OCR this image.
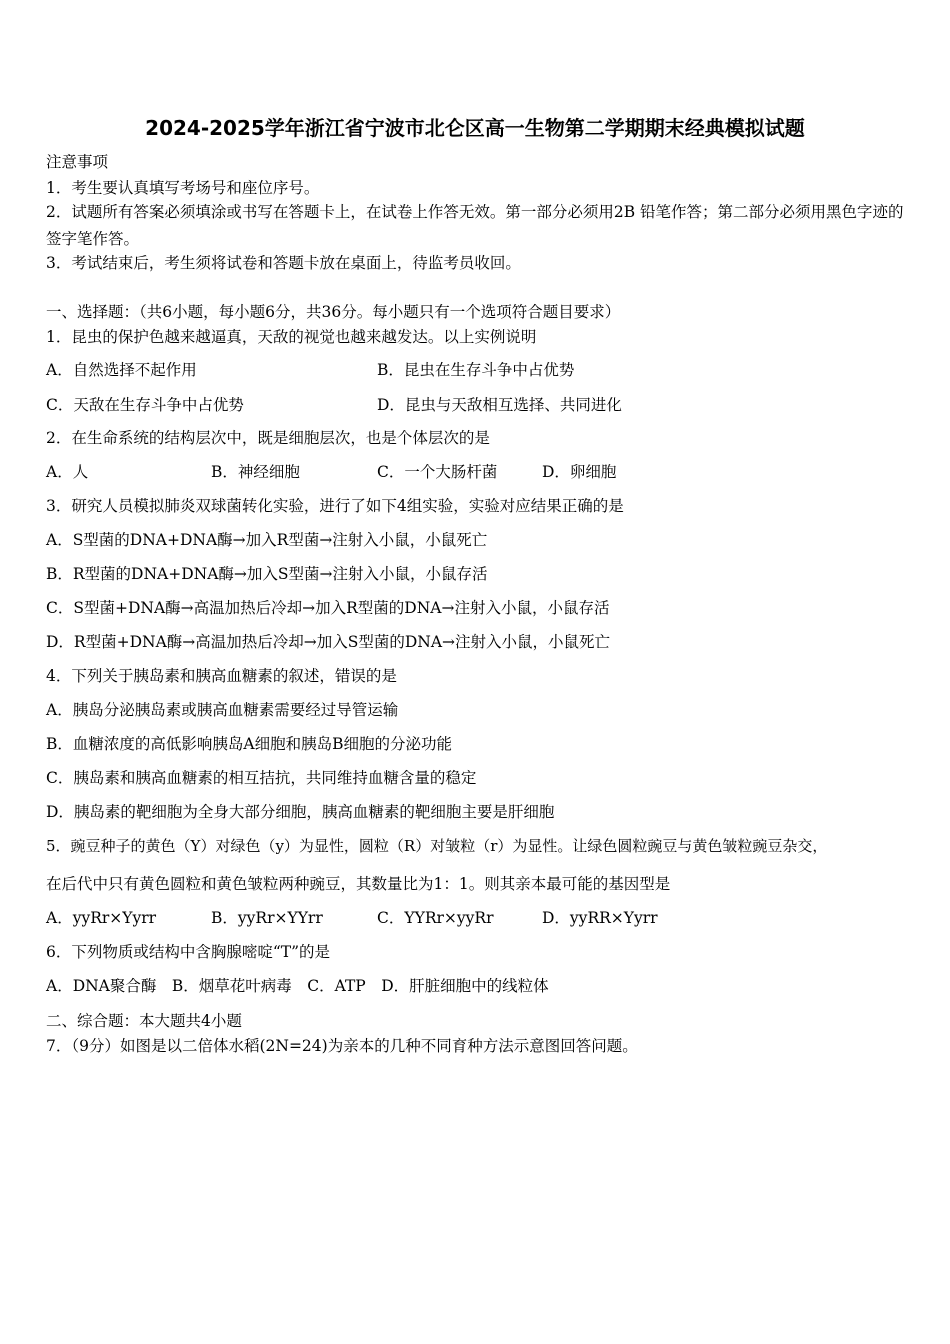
2024-2025学年浙江省宁波市北仑区高一生物第二学期期末经典模拟试题
注意事项
1．考生要认真填写考场号和座位序号。
2．试题所有答案必须填涂或书写在答题卡上，在试卷上作答无效。第一部分必须用2B 铅笔作答；第二部分必须用黑色字迹的签字笔作答。
3．考试结束后，考生须将试卷和答题卡放在桌面上，待监考员收回。
一、选择题：（共6小题，每小题6分，共36分。每小题只有一个选项符合题目要求）
1．昆虫的保护色越来越逼真，天敌的视觉也越来越发达。以上实例说明
A．自然选择不起作用	B．昆虫在生存斗争中占优势
C．天敌在生存斗争中占优势	D．昆虫与天敌相互选择、共同进化
2．在生命系统的结构层次中，既是细胞层次，也是个体层次的是
A．人	B．神经细胞	C．一个大肠杆菌	D．卵细胞
3．研究人员模拟肺炎双球菌转化实验，进行了如下4组实验，实验对应结果正确的是
A．S型菌的DNA+DNA酶→加入R型菌→注射入小鼠，小鼠死亡
B．R型菌的DNA+DNA酶→加入S型菌→注射入小鼠，小鼠存活
C．S型菌+DNA酶→高温加热后冷却→加入R型菌的DNA→注射入小鼠，小鼠存活
D．R型菌+DNA酶→高温加热后冷却→加入S型菌的DNA→注射入小鼠，小鼠死亡
4．下列关于胰岛素和胰高血糖素的叙述，错误的是
A．胰岛分泌胰岛素或胰高血糖素需要经过导管运输
B．血糖浓度的高低影响胰岛A细胞和胰岛B细胞的分泌功能
C．胰岛素和胰高血糖素的相互拮抗，共同维持血糖含量的稳定
D．胰岛素的靶细胞为全身大部分细胞，胰高血糖素的靶细胞主要是肝细胞
5．豌豆种子的黄色（Y）对绿色（y）为显性，圆粒（R）对皱粒（r）为显性。让绿色圆粒豌豆与黄色皱粒豌豆杂交，
在后代中只有黄色圆粒和黄色皱粒两种豌豆，其数量比为1：1。则其亲本最可能的基因型是
A．yyRr×Yyrr	B．yyRr×YYrr	C．YYRr×yyRr	D．yyRR×Yyrr
6．下列物质或结构中含胸腺嘧啶“T”的是
A．DNA聚合酶　B．烟草花叶病毒　C．ATP　D．肝脏细胞中的线粒体
二、综合题：本大题共4小题
7．（9分）如图是以二倍体水稻(2N=24)为亲本的几种不同育种方法示意图回答问题。
